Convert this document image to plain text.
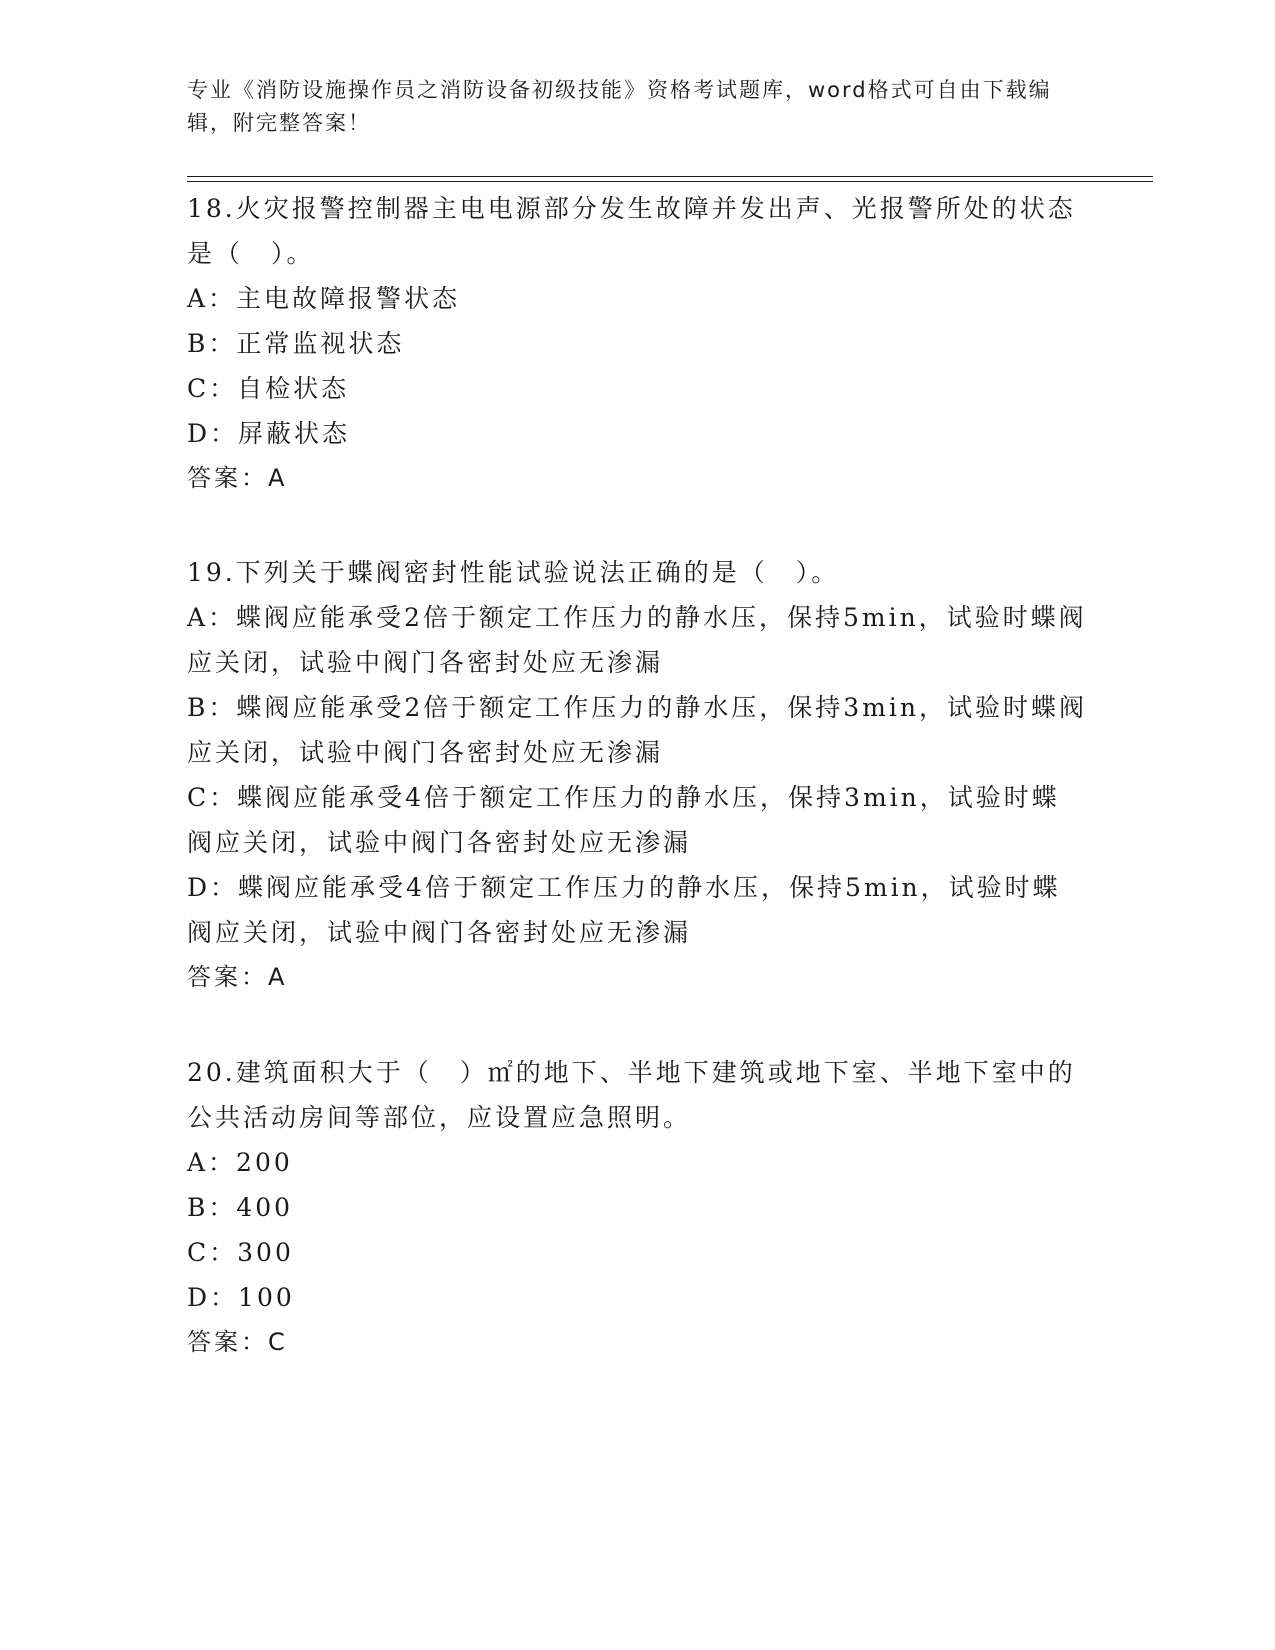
专业《消防设施操作员之消防设备初级技能》资格考试题库，word格式可自由下载编辑，附完整答案！
18.火灾报警控制器主电电源部分发生故障并发出声、光报警所处的状态是（　）。
A：主电故障报警状态
B：正常监视状态
C：自检状态
D：屏蔽状态
答案：A
19.下列关于蝶阀密封性能试验说法正确的是（　）。
A：蝶阀应能承受2倍于额定工作压力的静水压，保持5min，试验时蝶阀应关闭，试验中阀门各密封处应无渗漏
B：蝶阀应能承受2倍于额定工作压力的静水压，保持3min，试验时蝶阀应关闭，试验中阀门各密封处应无渗漏
C：蝶阀应能承受4倍于额定工作压力的静水压，保持3min，试验时蝶阀应关闭，试验中阀门各密封处应无渗漏
D：蝶阀应能承受4倍于额定工作压力的静水压，保持5min，试验时蝶阀应关闭，试验中阀门各密封处应无渗漏
答案：A
20.建筑面积大于（　）㎡的地下、半地下建筑或地下室、半地下室中的公共活动房间等部位，应设置应急照明。
A：200
B：400
C：300
D：100
答案：C
